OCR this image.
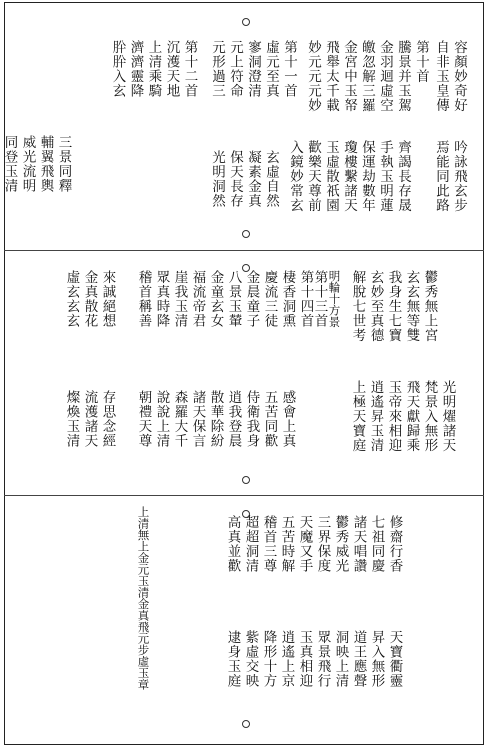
容顏妙奇好
自非玉皇傳
第十首
騰景并玉駕
金羽迴虛空
皦忽解三羅
金宮中玉帑
飛舉太千載
妙元元元妙
第十一首
虛元至真
寥洞澄清
元上符命
元形過三
吟詠飛玄步
焉能同此路
齊謁長存晟
手執玉明蓮
保運劫數年
瓊樓繫諸天
玉虛散祇園
歡樂天尊前
入鏡妙常玄
玄虛自然
凝素金真
保天長存
光明洞然
第十二首
沉濩天地
上清乘騎
濟濟靈降
肸肸入玄
三景同釋
輔翼飛輿
威光流明
同登玉清
第十三首 明輪十方景 解脫七世考 玄妙至真德 我身生七寶 玄玄無等雙 鬱秀無上宮
光明燿諸天
梵景入無形
飛天獻歸乘
玉帝來相迎
逍遙昇玉清
上極天寶庭
第十四首
棲香洞熏
慶流三徒
金晨童子
八景玉輦
金童玄女
福流帝君
崖我玉清
眾真時降
稽首稱善
來誠絕想
金真散花
虛玄玄玄
存思念經
流濩諸天
燦煥玉清	朝禮天尊 說說上清 森羅大千 諸天保言 散華除紛 逍我登晨 侍衛我身 五苦同歡 感會上真
上清無上金元玉清金真飛元步虛玉章	高真並歡 超超洞清 稽首三尊 五苦時解 天魔又手 三界保度 鬱秀威光 諸天唱讚 七祖同慶 修齋行香
逮身玉庭 紫虛交映 降形十方 逍遙上京 玉真相迎 眾景飛行 洞映上清 道王應聲 昇入無形 天寶衢靈
